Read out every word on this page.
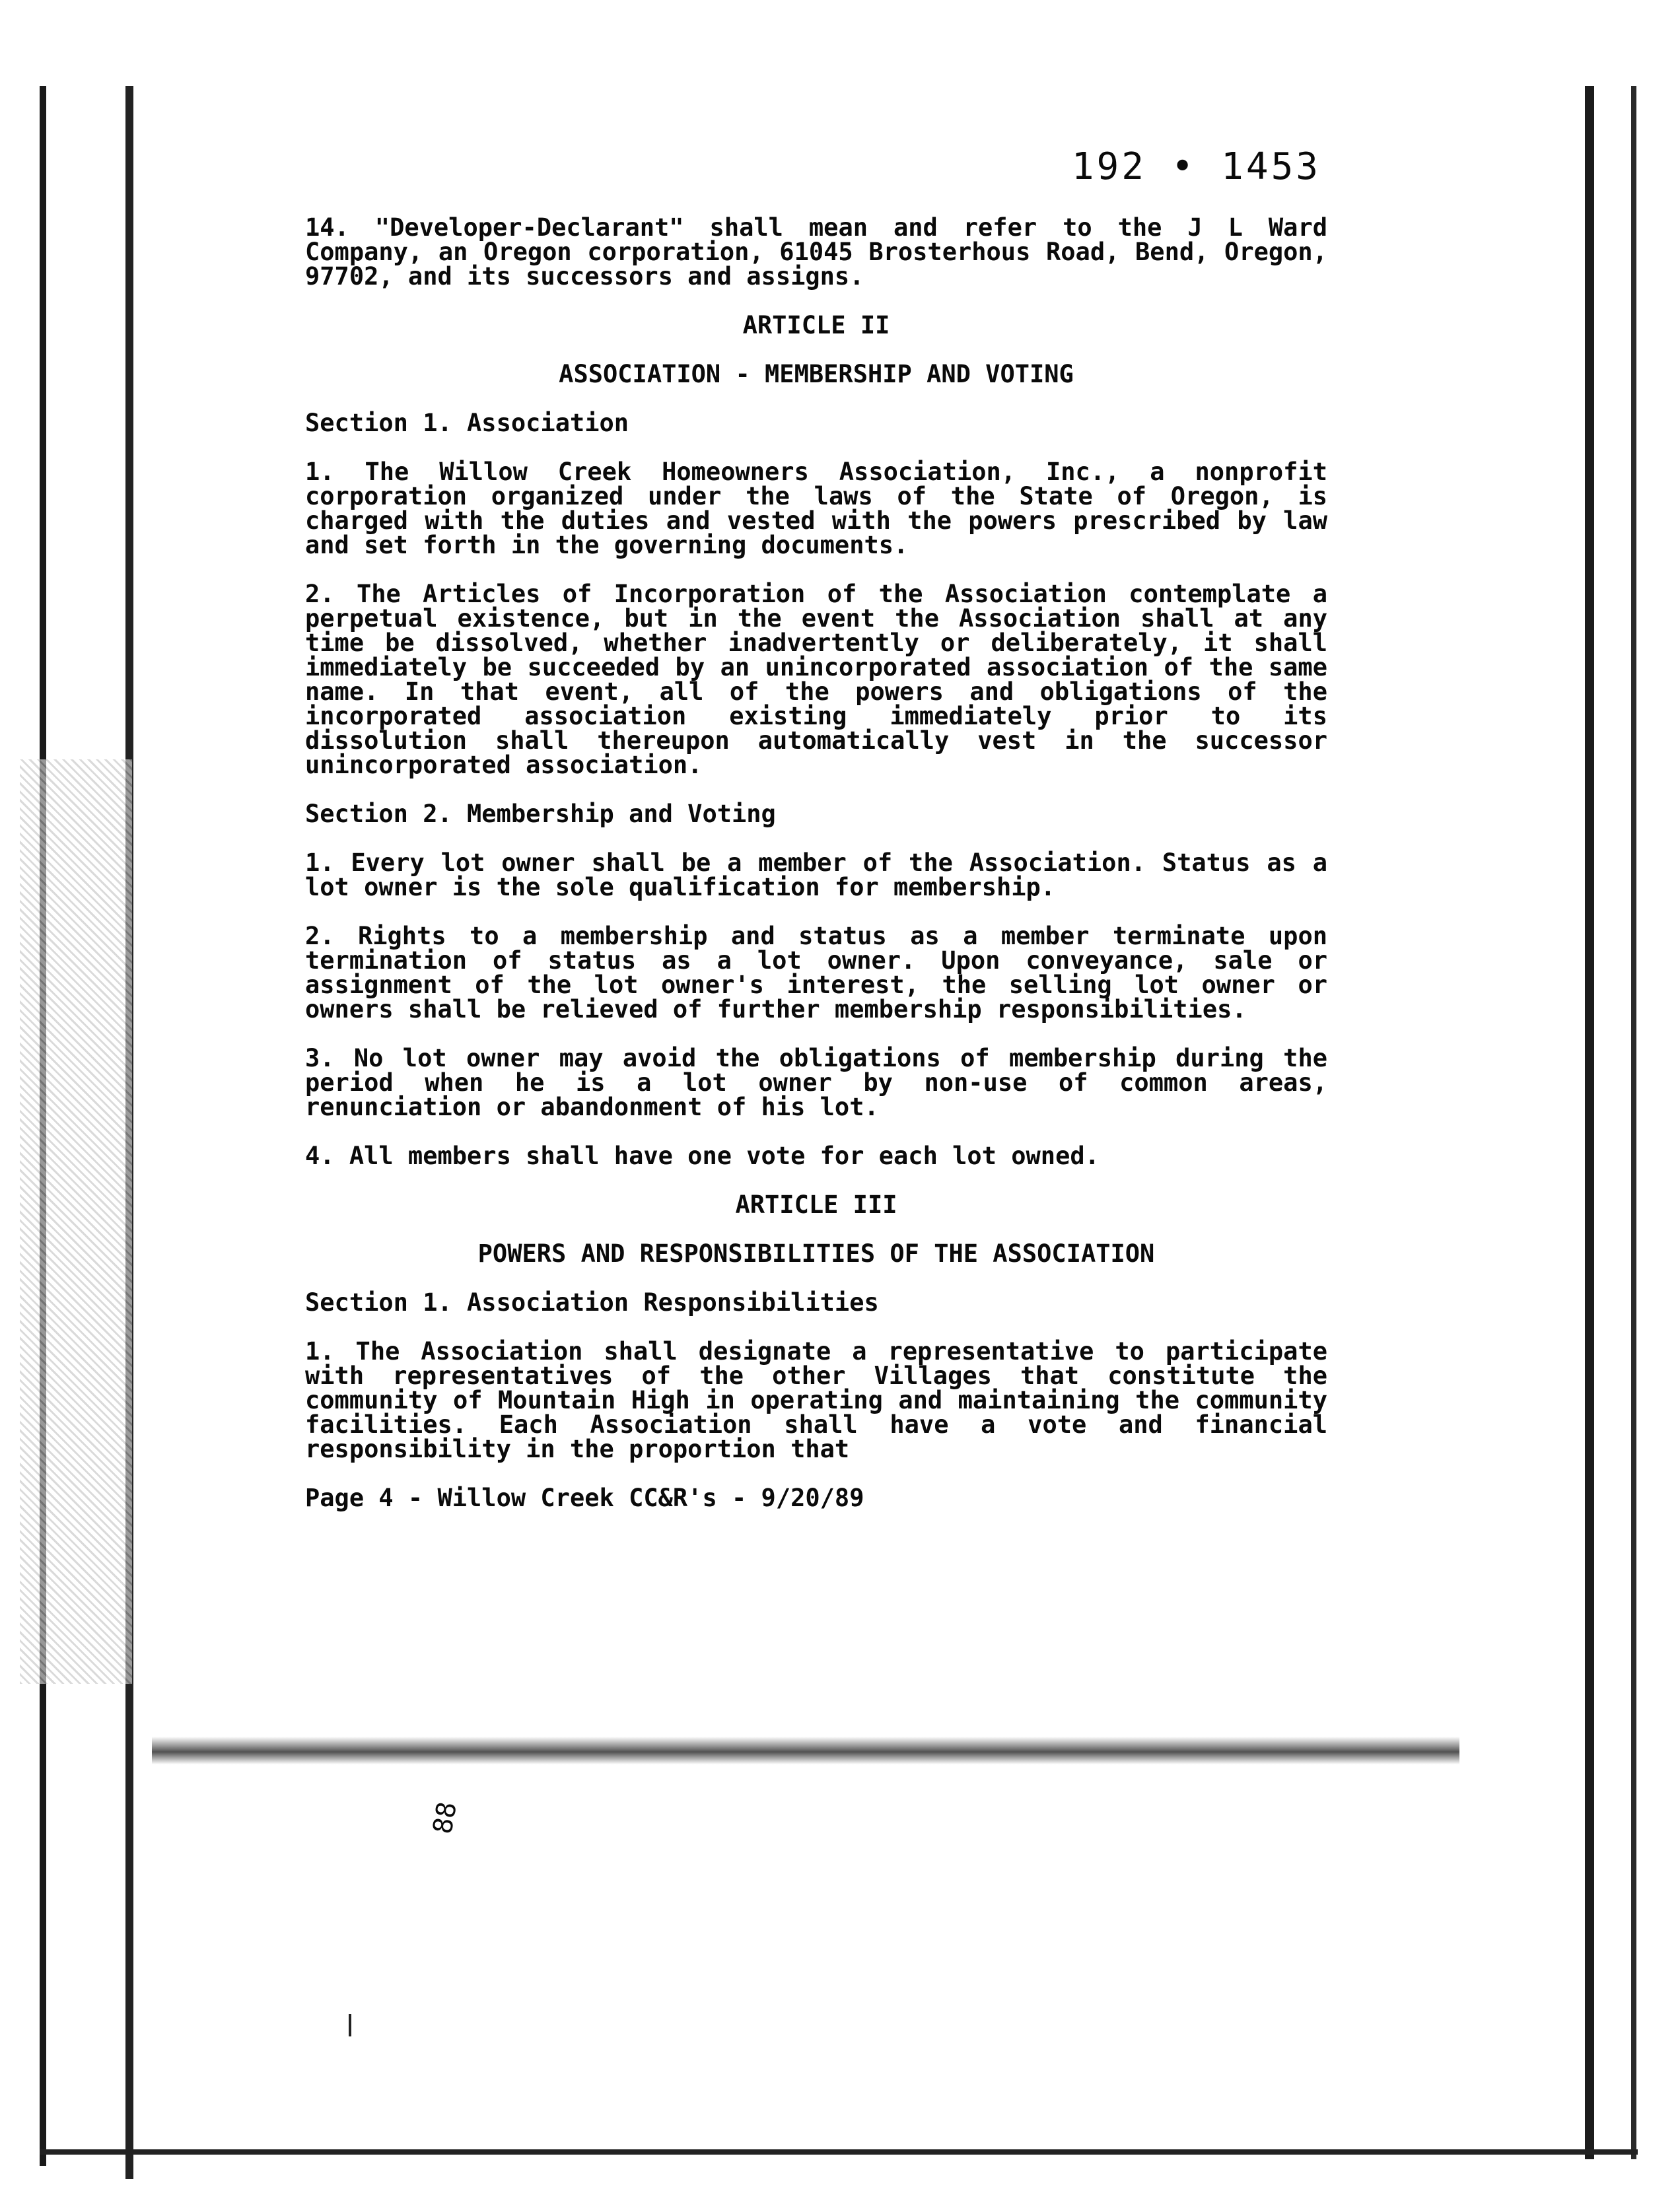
192 • 1453

14. "Developer-Declarant" shall mean and refer to the J L Ward Company, an Oregon corporation, 61045 Brosterhous Road, Bend, Oregon, 97702, and its successors and assigns.

ARTICLE II
ASSOCIATION - MEMBERSHIP AND VOTING
Section 1. Association

1. The Willow Creek Homeowners Association, Inc., a nonprofit corporation organized under the laws of the State of Oregon, is charged with the duties and vested with the powers prescribed by law and set forth in the governing documents.

2. The Articles of Incorporation of the Association contemplate a perpetual existence, but in the event the Association shall at any time be dissolved, whether inadvertently or deliberately, it shall immediately be succeeded by an unincorporated association of the same name. In that event, all of the powers and obligations of the incorporated association existing immediately prior to its dissolution shall thereupon automatically vest in the successor unincorporated association.

Section 2. Membership and Voting

1. Every lot owner shall be a member of the Association. Status as a lot owner is the sole qualification for membership.

2. Rights to a membership and status as a member terminate upon termination of status as a lot owner. Upon conveyance, sale or assignment of the lot owner's interest, the selling lot owner or owners shall be relieved of further membership responsibilities.

3. No lot owner may avoid the obligations of membership during the period when he is a lot owner by non-use of common areas, renunciation or abandonment of his lot.

4. All members shall have one vote for each lot owned.

ARTICLE III
POWERS AND RESPONSIBILITIES OF THE ASSOCIATION
Section 1. Association Responsibilities

1. The Association shall designate a representative to participate with representatives of the other Villages that constitute the community of Mountain High in operating and maintaining the community facilities. Each Association shall have a vote and financial responsibility in the proportion that

Page 4 - Willow Creek CC&R's - 9/20/89
88
